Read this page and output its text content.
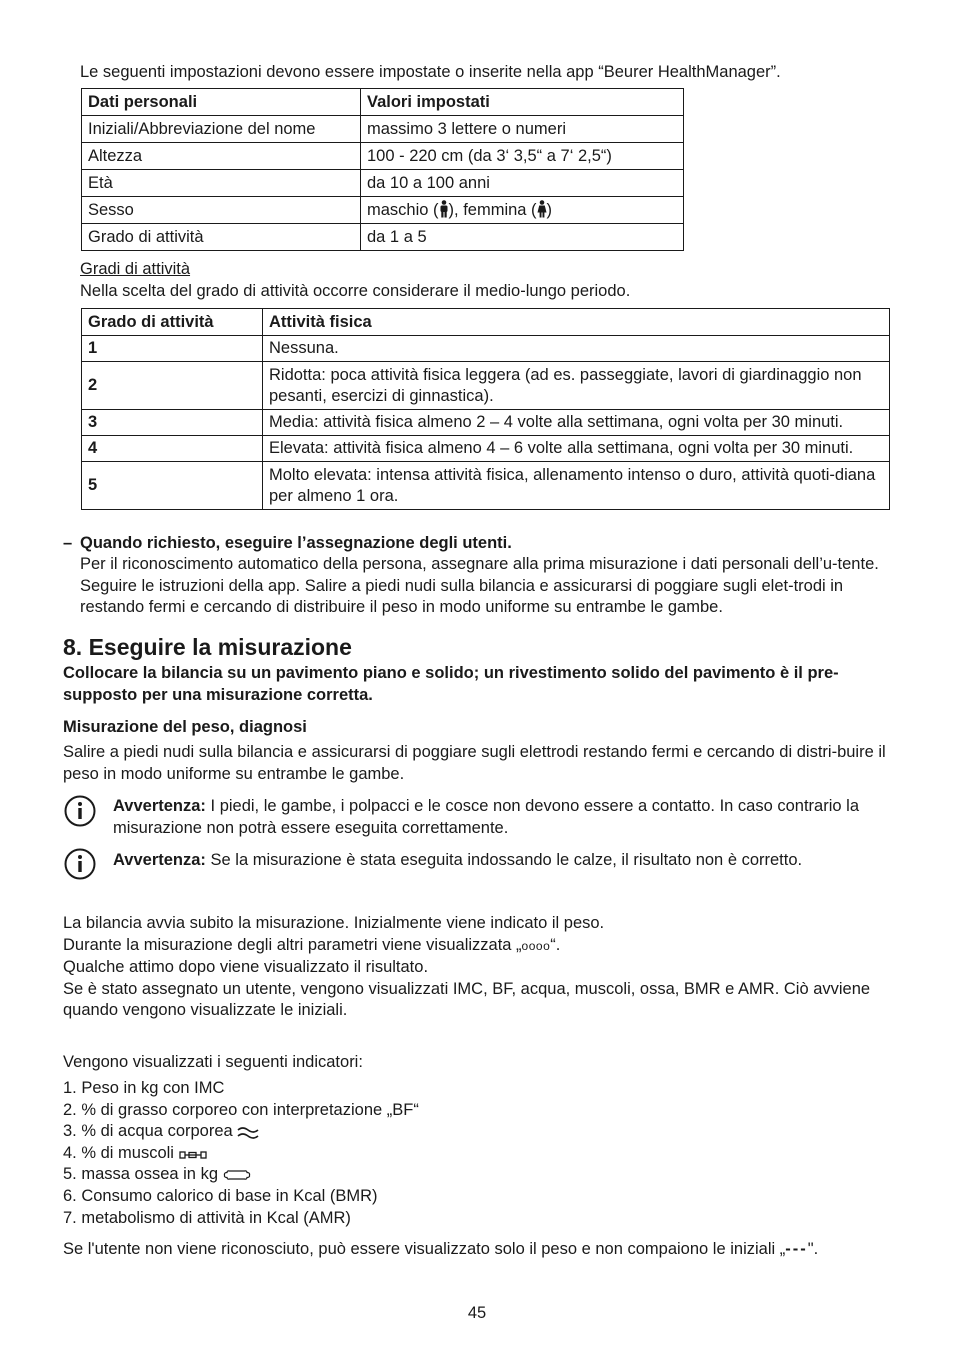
Le seguenti impostazioni devono essere impostate o inserite nella app “Beurer HealthManager”.
Dati personali	Valori impostati
Iniziali/Abbreviazione del nome	massimo 3 lettere o numeri
Altezza	100 - 220 cm (da 3‘ 3,5“ a 7‘ 2,5“)
Età	da 10 a 100 anni
Sesso	maschio ( ), femmina ( )
Grado di attività	da 1 a 5
Gradi di attività
Nella scelta del grado di attività occorre considerare il medio-lungo periodo.
Grado di attività	Attività fisica
1	Nessuna.
2	Ridotta: poca attività fisica leggera (ad es. passeggiate, lavori di giardinaggio non pesanti, esercizi di ginnastica).
3	Media: attività fisica almeno 2 – 4 volte alla settimana, ogni volta per 30 minuti.
4	Elevata: attività fisica almeno 4 – 6 volte alla settimana, ogni volta per 30 minuti.
5	Molto elevata: intensa attività fisica, allenamento intenso o duro, attività quoti-diana per almeno 1 ora.
– Quando richiesto, eseguire l’assegnazione degli utenti.
Per il riconoscimento automatico della persona, assegnare alla prima misurazione i dati personali dell’u-tente. Seguire le istruzioni della app. Salire a piedi nudi sulla bilancia e assicurarsi di poggiare sugli elet-trodi in restando fermi e cercando di distribuire il peso in modo uniforme su entrambe le gambe.
8. Eseguire la misurazione
Collocare la bilancia su un pavimento piano e solido; un rivestimento solido del pavimento è il pre-supposto per una misurazione corretta.
Misurazione del peso, diagnosi
Salire a piedi nudi sulla bilancia e assicurarsi di poggiare sugli elettrodi restando fermi e cercando di distri-buire il peso in modo uniforme su entrambe le gambe.
Avvertenza: I piedi, le gambe, i polpacci e le cosce non devono essere a contatto. In caso contrario la misurazione non potrà essere eseguita correttamente.
Avvertenza: Se la misurazione è stata eseguita indossando le calze, il risultato non è corretto.
La bilancia avvia subito la misurazione. Inizialmente viene indicato il peso.
Durante la misurazione degli altri parametri viene visualizzata „oooo“.
Qualche attimo dopo viene visualizzato il risultato.
Se è stato assegnato un utente, vengono visualizzati IMC, BF, acqua, muscoli, ossa, BMR e AMR. Ciò avviene quando vengono visualizzate le iniziali.
Vengono visualizzati i seguenti indicatori:
1. Peso in kg con IMC
2. % di grasso corporeo con interpretazione „BF“
3. % di acqua corporea
4. % di muscoli
5. massa ossea in kg
6. Consumo calorico di base in Kcal (BMR)
7. metabolismo di attività in Kcal (AMR)
Se l'utente non viene riconosciuto, può essere visualizzato solo il peso e non compaiono le iniziali „---".
45
